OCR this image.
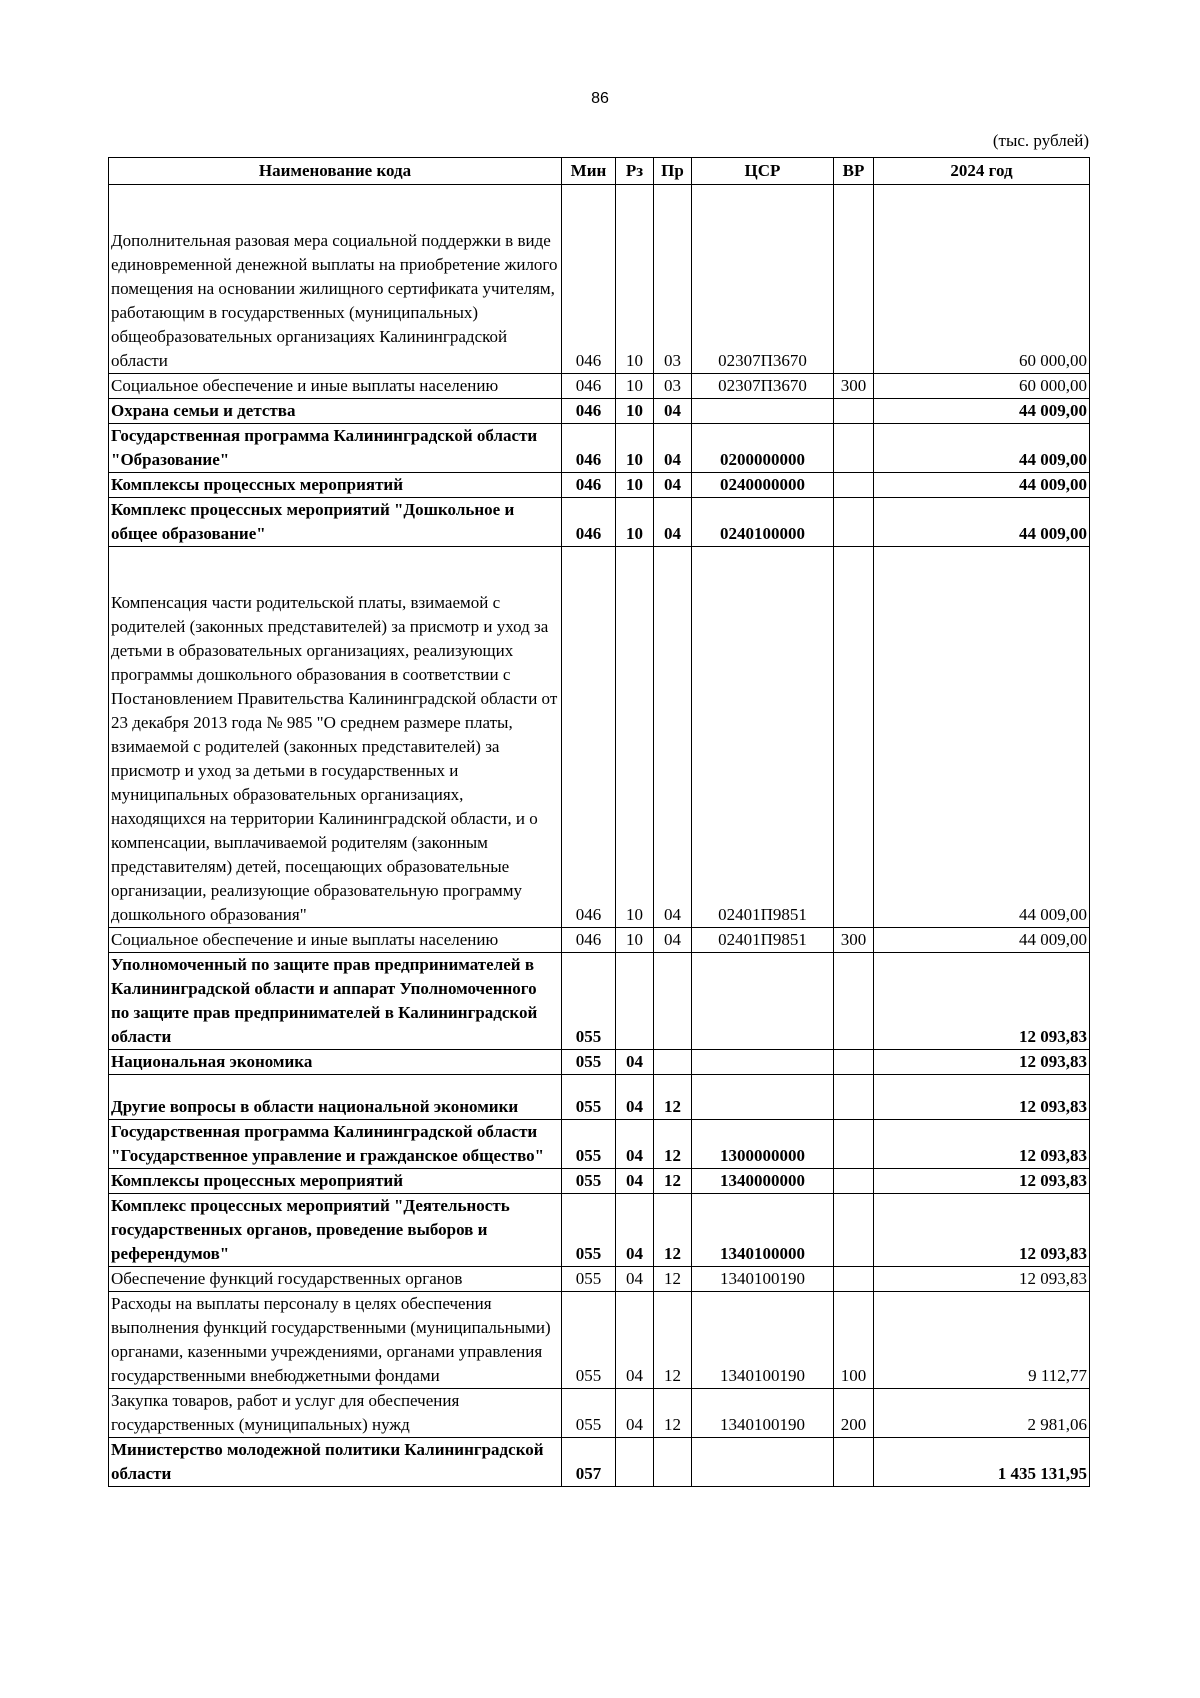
86
(тыс. рублей)
Наименование кода	Мин	Рз	Пр	ЦСР	ВР	2024 год
Дополнительная разовая мера социальной поддержки в виде единовременной денежной выплаты на приобретение жилого помещения на основании жилищного сертификата учителям, работающим в государственных (муниципальных) общеобразовательных организациях Калининградской области	046	10	03	02307П3670		60 000,00
Социальное обеспечение и иные выплаты населению	046	10	03	02307П3670	300	60 000,00
Охрана семьи и детства	046	10	04			44 009,00
Государственная программа Калининградской области "Образование"	046	10	04	0200000000		44 009,00
Комплексы процессных мероприятий	046	10	04	0240000000		44 009,00
Комплекс процессных мероприятий "Дошкольное и общее образование"	046	10	04	0240100000		44 009,00
Компенсация части родительской платы, взимаемой с родителей (законных представителей) за присмотр и уход за детьми в образовательных организациях, реализующих программы дошкольного образования в соответствии с Постановлением Правительства Калининградской области от 23 декабря 2013 года № 985 "О среднем размере платы, взимаемой с родителей (законных представителей) за присмотр и уход за детьми в государственных и муниципальных образовательных организациях, находящихся на территории Калининградской области, и о компенсации, выплачиваемой родителям (законным представителям) детей, посещающих образовательные организации, реализующие образовательную программу дошкольного образования"	046	10	04	02401П9851		44 009,00
Социальное обеспечение и иные выплаты населению	046	10	04	02401П9851	300	44 009,00
Уполномоченный по защите прав предпринимателей в Калининградской области и аппарат Уполномоченного по защите прав предпринимателей в Калининградской области	055					12 093,83
Национальная экономика	055	04				12 093,83
Другие вопросы в области национальной экономики	055	04	12			12 093,83
Государственная программа Калининградской области "Государственное управление и гражданское общество"	055	04	12	1300000000		12 093,83
Комплексы процессных мероприятий	055	04	12	1340000000		12 093,83
Комплекс процессных мероприятий "Деятельность государственных органов, проведение выборов и референдумов"	055	04	12	1340100000		12 093,83
Обеспечение функций государственных органов	055	04	12	1340100190		12 093,83
Расходы на выплаты персоналу в целях обеспечения выполнения функций государственными (муниципальными) органами, казенными учреждениями, органами управления государственными внебюджетными фондами	055	04	12	1340100190	100	9 112,77
Закупка товаров, работ и услуг для обеспечения государственных (муниципальных) нужд	055	04	12	1340100190	200	2 981,06
Министерство молодежной политики Калининградской области	057					1 435 131,95
